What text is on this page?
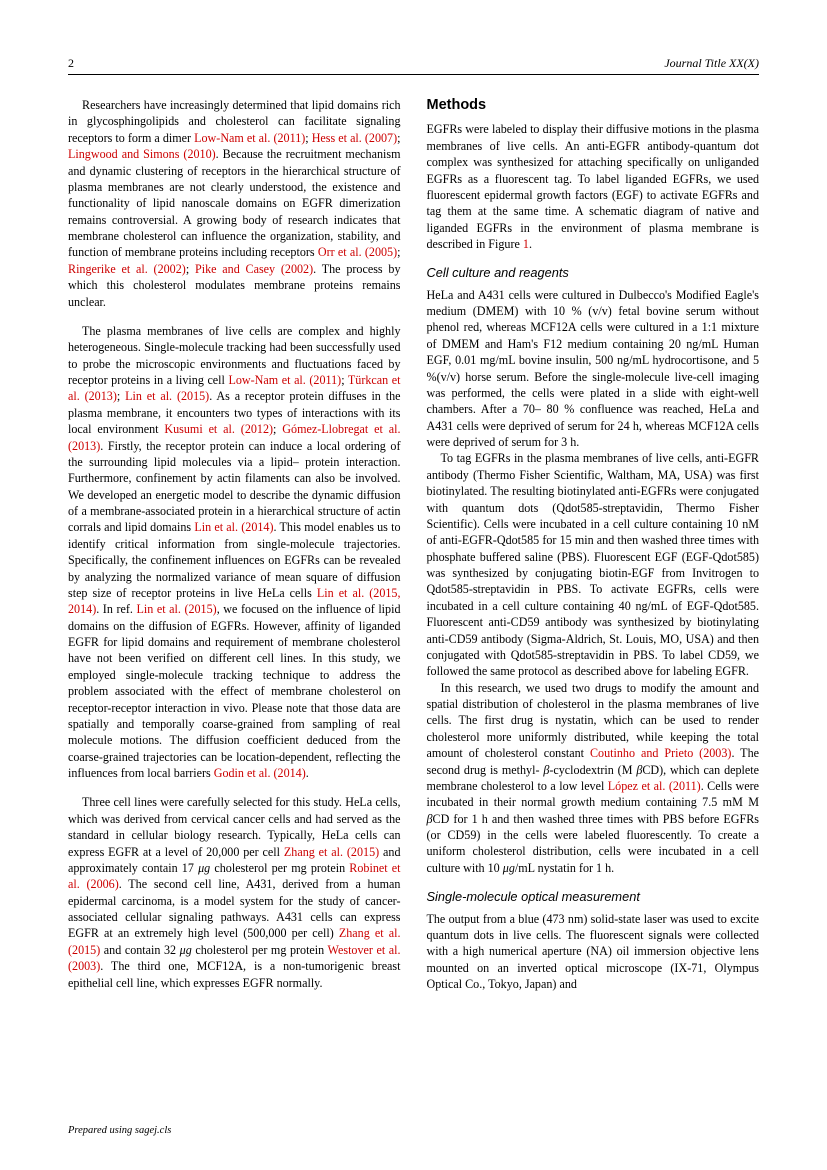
2	Journal Title XX(X)

Researchers have increasingly determined that lipid domains rich in glycosphingolipids and cholesterol can facilitate signaling receptors to form a dimer Low-Nam et al. (2011); Hess et al. (2007); Lingwood and Simons (2010). Because the recruitment mechanism and dynamic clustering of receptors in the hierarchical structure of plasma membranes are not clearly understood, the existence and functionality of lipid nanoscale domains on EGFR dimerization remains controversial. A growing body of research indicates that membrane cholesterol can influence the organization, stability, and function of membrane proteins including receptors Orr et al. (2005); Ringerike et al. (2002); Pike and Casey (2002). The process by which this cholesterol modulates membrane proteins remains unclear.

The plasma membranes of live cells are complex and highly heterogeneous. Single-molecule tracking had been successfully used to probe the microscopic environments and fluctuations faced by receptor proteins in a living cell Low-Nam et al. (2011); Türkcan et al. (2013); Lin et al. (2015). As a receptor protein diffuses in the plasma membrane, it encounters two types of interactions with its local environment Kusumi et al. (2012); Gómez-Llobregat et al. (2013). Firstly, the receptor protein can induce a local ordering of the surrounding lipid molecules via a lipid– protein interaction. Furthermore, confinement by actin filaments can also be involved. We developed an energetic model to describe the dynamic diffusion of a membrane-associated protein in a hierarchical structure of actin corrals and lipid domains Lin et al. (2014). This model enables us to identify critical information from single-molecule trajectories. Specifically, the confinement influences on EGFRs can be revealed by analyzing the normalized variance of mean square of diffusion step size of receptor proteins in live HeLa cells Lin et al. (2015, 2014). In ref. Lin et al. (2015), we focused on the influence of lipid domains on the diffusion of EGFRs. However, affinity of liganded EGFR for lipid domains and requirement of membrane cholesterol have not been verified on different cell lines. In this study, we employed single-molecule tracking technique to address the problem associated with the effect of membrane cholesterol on receptor-receptor interaction in vivo. Please note that those data are spatially and temporally coarse-grained from sampling of real molecule motions. The diffusion coefficient deduced from the coarse-grained trajectories can be location-dependent, reflecting the influences from local barriers Godin et al. (2014).

Three cell lines were carefully selected for this study. HeLa cells, which was derived from cervical cancer cells and had served as the standard in cellular biology research. Typically, HeLa cells can express EGFR at a level of 20,000 per cell Zhang et al. (2015) and approximately contain 17 μg cholesterol per mg protein Robinet et al. (2006). The second cell line, A431, derived from a human epidermal carcinoma, is a model system for the study of cancer-associated cellular signaling pathways. A431 cells can express EGFR at an extremely high level (500,000 per cell) Zhang et al. (2015) and contain 32 μg cholesterol per mg protein Westover et al. (2003). The third one, MCF12A, is a non-tumorigenic breast epithelial cell line, which expresses EGFR normally.

Methods

EGFRs were labeled to display their diffusive motions in the plasma membranes of live cells. An anti-EGFR antibody-quantum dot complex was synthesized for attaching specifically on unliganded EGFRs as a fluorescent tag. To label liganded EGFRs, we used fluorescent epidermal growth factors (EGF) to activate EGFRs and tag them at the same time. A schematic diagram of native and liganded EGFRs in the environment of plasma membrane is described in Figure 1.

Cell culture and reagents

HeLa and A431 cells were cultured in Dulbecco's Modified Eagle's medium (DMEM) with 10 % (v/v) fetal bovine serum without phenol red, whereas MCF12A cells were cultured in a 1:1 mixture of DMEM and Ham's F12 medium containing 20 ng/mL Human EGF, 0.01 mg/mL bovine insulin, 500 ng/mL hydrocortisone, and 5 %(v/v) horse serum. Before the single-molecule live-cell imaging was performed, the cells were plated in a slide with eight-well chambers. After a 70– 80 % confluence was reached, HeLa and A431 cells were deprived of serum for 24 h, whereas MCF12A cells were deprived of serum for 3 h.

To tag EGFRs in the plasma membranes of live cells, anti-EGFR antibody (Thermo Fisher Scientific, Waltham, MA, USA) was first biotinylated. The resulting biotinylated anti-EGFRs were conjugated with quantum dots (Qdot585-streptavidin, Thermo Fisher Scientific). Cells were incubated in a cell culture containing 10 nM of anti-EGFR-Qdot585 for 15 min and then washed three times with phosphate buffered saline (PBS). Fluorescent EGF (EGF-Qdot585) was synthesized by conjugating biotin-EGF from Invitrogen to Qdot585-streptavidin in PBS. To activate EGFRs, cells were incubated in a cell culture containing 40 ng/mL of EGF-Qdot585. Fluorescent anti-CD59 antibody was synthesized by biotinylating anti-CD59 antibody (Sigma-Aldrich, St. Louis, MO, USA) and then conjugated with Qdot585-streptavidin in PBS. To label CD59, we followed the same protocol as described above for labeling EGFR.

In this research, we used two drugs to modify the amount and spatial distribution of cholesterol in the plasma membranes of live cells. The first drug is nystatin, which can be used to render cholesterol more uniformly distributed, while keeping the total amount of cholesterol constant Coutinho and Prieto (2003). The second drug is methyl- β-cyclodextrin (M βCD), which can deplete membrane cholesterol to a low level López et al. (2011). Cells were incubated in their normal growth medium containing 7.5 mM M βCD for 1 h and then washed three times with PBS before EGFRs (or CD59) in the cells were labeled fluorescently. To create a uniform cholesterol distribution, cells were incubated in a cell culture with 10 μg/mL nystatin for 1 h.

Single-molecule optical measurement

The output from a blue (473 nm) solid-state laser was used to excite quantum dots in live cells. The fluorescent signals were collected with a high numerical aperture (NA) oil immersion objective lens mounted on an inverted optical microscope (IX-71, Olympus Optical Co., Tokyo, Japan) and

Prepared using sagej.cls
